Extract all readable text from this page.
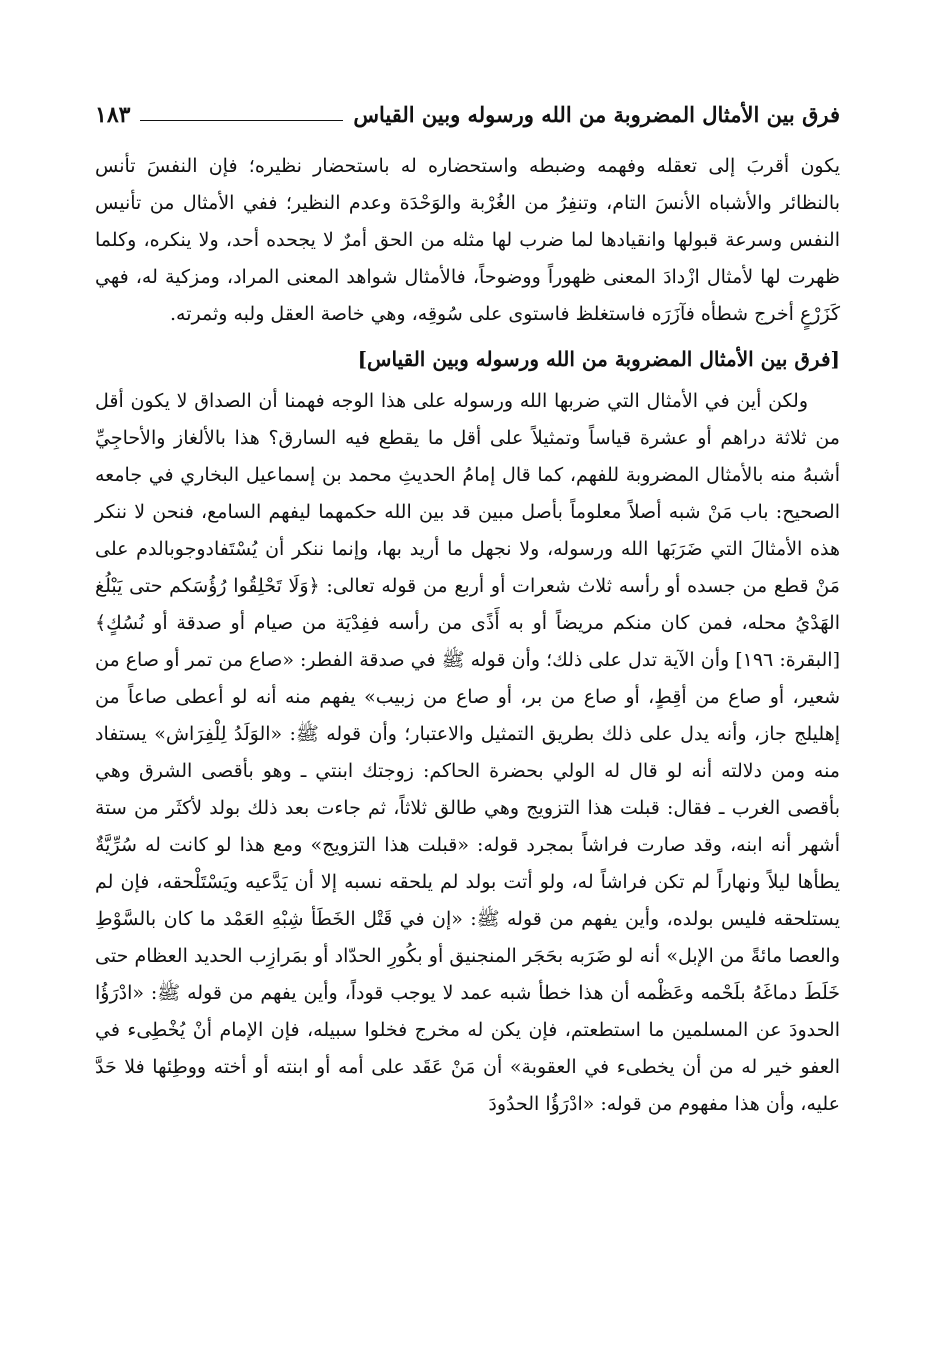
فرق بين الأمثال المضروبة من الله ورسوله وبين القياس
١٨٣

يكون أقربَ إلى تعقله وفهمه وضبطه واستحضاره له باستحضار نظيره؛ فإن النفسَ تأنس بالنظائر والأشباه الأنسَ التام، وتنفِرُ من الغُرْبة والوَحْدَة وعدم النظير؛ ففي الأمثال من تأنيس النفس وسرعة قبولها وانقيادها لما ضرب لها مثله من الحق أمرٌ لا يجحده أحد، ولا ينكره، وكلما ظهرت لها لأمثال ازْدادَ المعنى ظهوراً ووضوحاً، فالأمثال شواهد المعنى المراد، ومزكية له، فهي كَزَرْعٍ أخرج شطأه فآزَرَه فاستغلظ فاستوى على سُوقِه، وهي خاصة العقل ولبه وثمرته.

[فرق بين الأمثال المضروبة من الله ورسوله وبين القياس]

ولكن أين في الأمثال التي ضربها الله ورسوله على هذا الوجه فهمنا أن الصداق لا يكون أقل من ثلاثة دراهم أو عشرة قياساً وتمثيلاً على أقل ما يقطع فيه السارق؟ هذا بالألغاز والأحاجِيِّ أشبهُ منه بالأمثال المضروبة للفهم، كما قال إمامُ الحديثِ محمد بن إسماعيل البخاري في جامعه الصحيح: باب مَنْ شبه أصلاً معلوماً بأصل مبين قد بين الله حكمهما ليفهم السامع، فنحن لا ننكر هذه الأمثالَ التي ضَرَبَها الله ورسوله، ولا نجهل ما أريد بها، وإنما ننكر أن يُسْتَفادوجوبالدم على مَنْ قطع من جسده أو رأسه ثلاث شعرات أو أربع من قوله تعالى: ﴿وَلَا تَحْلِقُوا رُؤُسَكم حتى يَبْلُغ الهَدْيُ محله، فمن كان منكم مريضاً أو به أَذًى من رأسه ففِدْيَة من صيام أو صدقة أو نُسُكٍ﴾ [البقرة: ١٩٦] وأن الآية تدل على ذلك؛ وأن قوله ﷺ في صدقة الفطر: «صاع من تمر أو صاع من شعير، أو صاع من أقِطٍ، أو صاع من بر، أو صاع من زبيب» يفهم منه أنه لو أعطى صاعاً من إهليلج جاز، وأنه يدل على ذلك بطريق التمثيل والاعتبار؛ وأن قوله ﷺ: «الوَلَدُ لِلْفِرَاش» يستفاد منه ومن دلالته أنه لو قال له الولي بحضرة الحاكم: زوجتك ابنتي ـ وهو بأقصى الشرق وهي بأقصى الغرب ـ فقال: قبلت هذا التزويج وهي طالق ثلاثاً، ثم جاءت بعد ذلك بولد لأكثَر من ستة أشهر أنه ابنه، وقد صارت فراشاً بمجرد قوله: «قبلت هذا التزويج» ومع هذا لو كانت له سُرِّيَّةٌ يطأها ليلاً ونهاراً لم تكن فراشاً له، ولو أتت بولد لم يلحقه نسبه إلا أن يَدَّعيه ويَسْتَلْحقه، فإن لم يستلحقه فليس بولده، وأين يفهم من قوله ﷺ: «إن في قَتْل الخَطَأ شِبْهِ العَمْد ما كان بالسَّوْطِ والعصا مائةً من الإبل» أنه لو ضَرَبه بحَجَر المنجنيق أو بكُورِ الحدّاد أو بمَرازِب الحديد العظام حتى خَلَطَ دماغَهُ بلَحْمه وعَظْمه أن هذا خطأ شبه عمد لا يوجب قوداً، وأين يفهم من قوله ﷺ: «ادْرَؤُا الحدودَ عن المسلمين ما استطعتم، فإن يكن له مخرج فخلوا سبيله، فإن الإمام أنْ يُخْطِىء في العفو خير له من أن يخطىء في العقوبة» أن مَنْ عَقَد على أمه أو ابنته أو أخته ووطِئها فلا حَدَّ عليه، وأن هذا مفهوم من قوله: «ادْرَؤُا الحدُودَ
